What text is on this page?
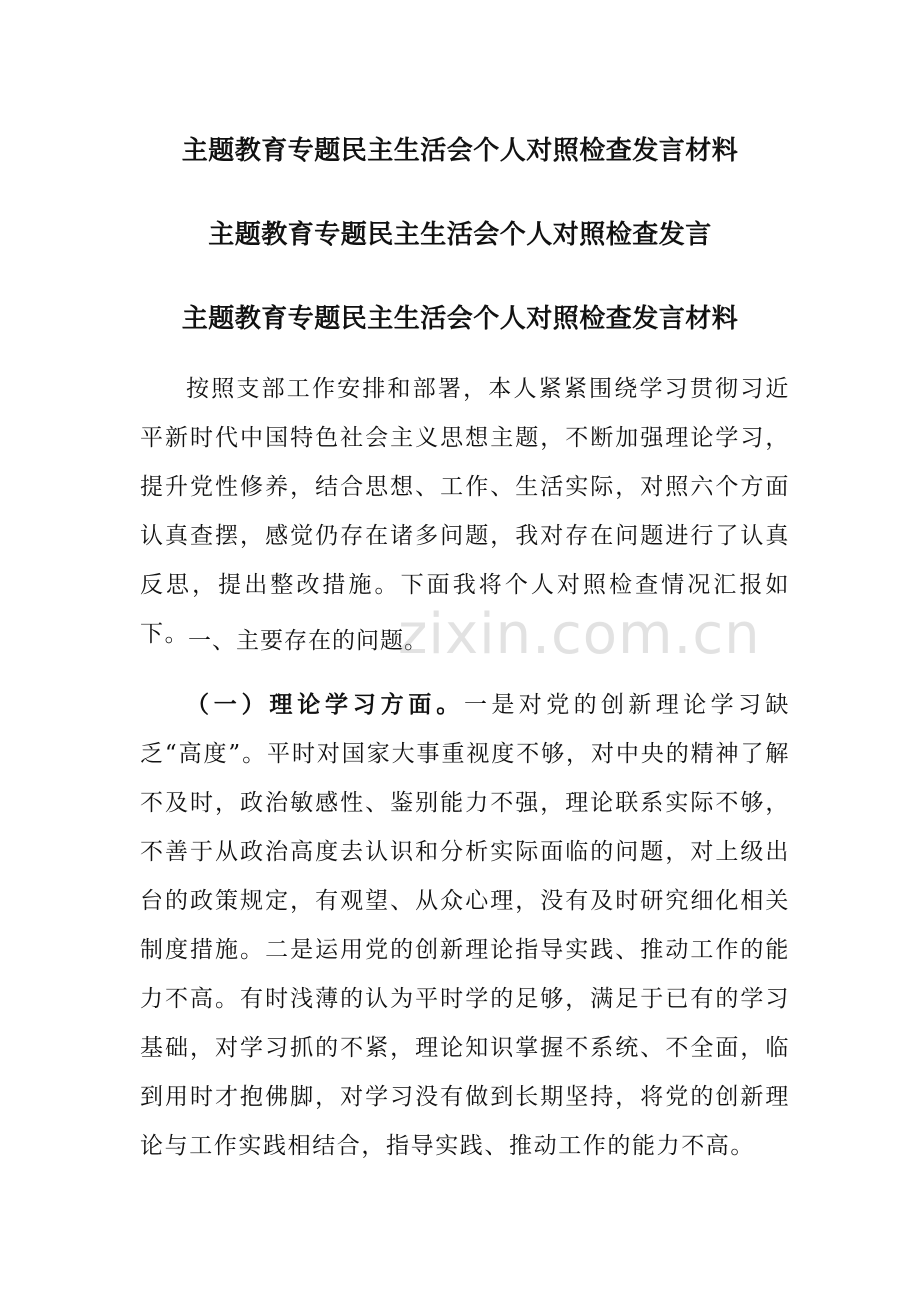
主题教育专题民主生活会个人对照检查发言材料
主题教育专题民主生活会个人对照检查发言
主题教育专题民主生活会个人对照检查发言材料
按照支部工作安排和部署，本人紧紧围绕学习贯彻习近平新时代中国特色社会主义思想主题，不断加强理论学习，提升党性修养，结合思想、工作、生活实际，对照六个方面认真查摆，感觉仍存在诸多问题，我对存在问题进行了认真反思，提出整改措施。下面我将个人对照检查情况汇报如下。
一、主要存在的问题。
（一）理论学习方面。一是对党的创新理论学习缺乏“高度”。平时对国家大事重视度不够，对中央的精神了解不及时，政治敏感性、鉴别能力不强，理论联系实际不够，不善于从政治高度去认识和分析实际面临的问题，对上级出台的政策规定，有观望、从众心理，没有及时研究细化相关制度措施。二是运用党的创新理论指导实践、推动工作的能力不高。有时浅薄的认为平时学的足够，满足于已有的学习基础，对学习抓的不紧，理论知识掌握不系统、不全面，临到用时才抱佛脚，对学习没有做到长期坚持，将党的创新理论与工作实践相结合，指导实践、推动工作的能力不高。
zixin.com.cn
